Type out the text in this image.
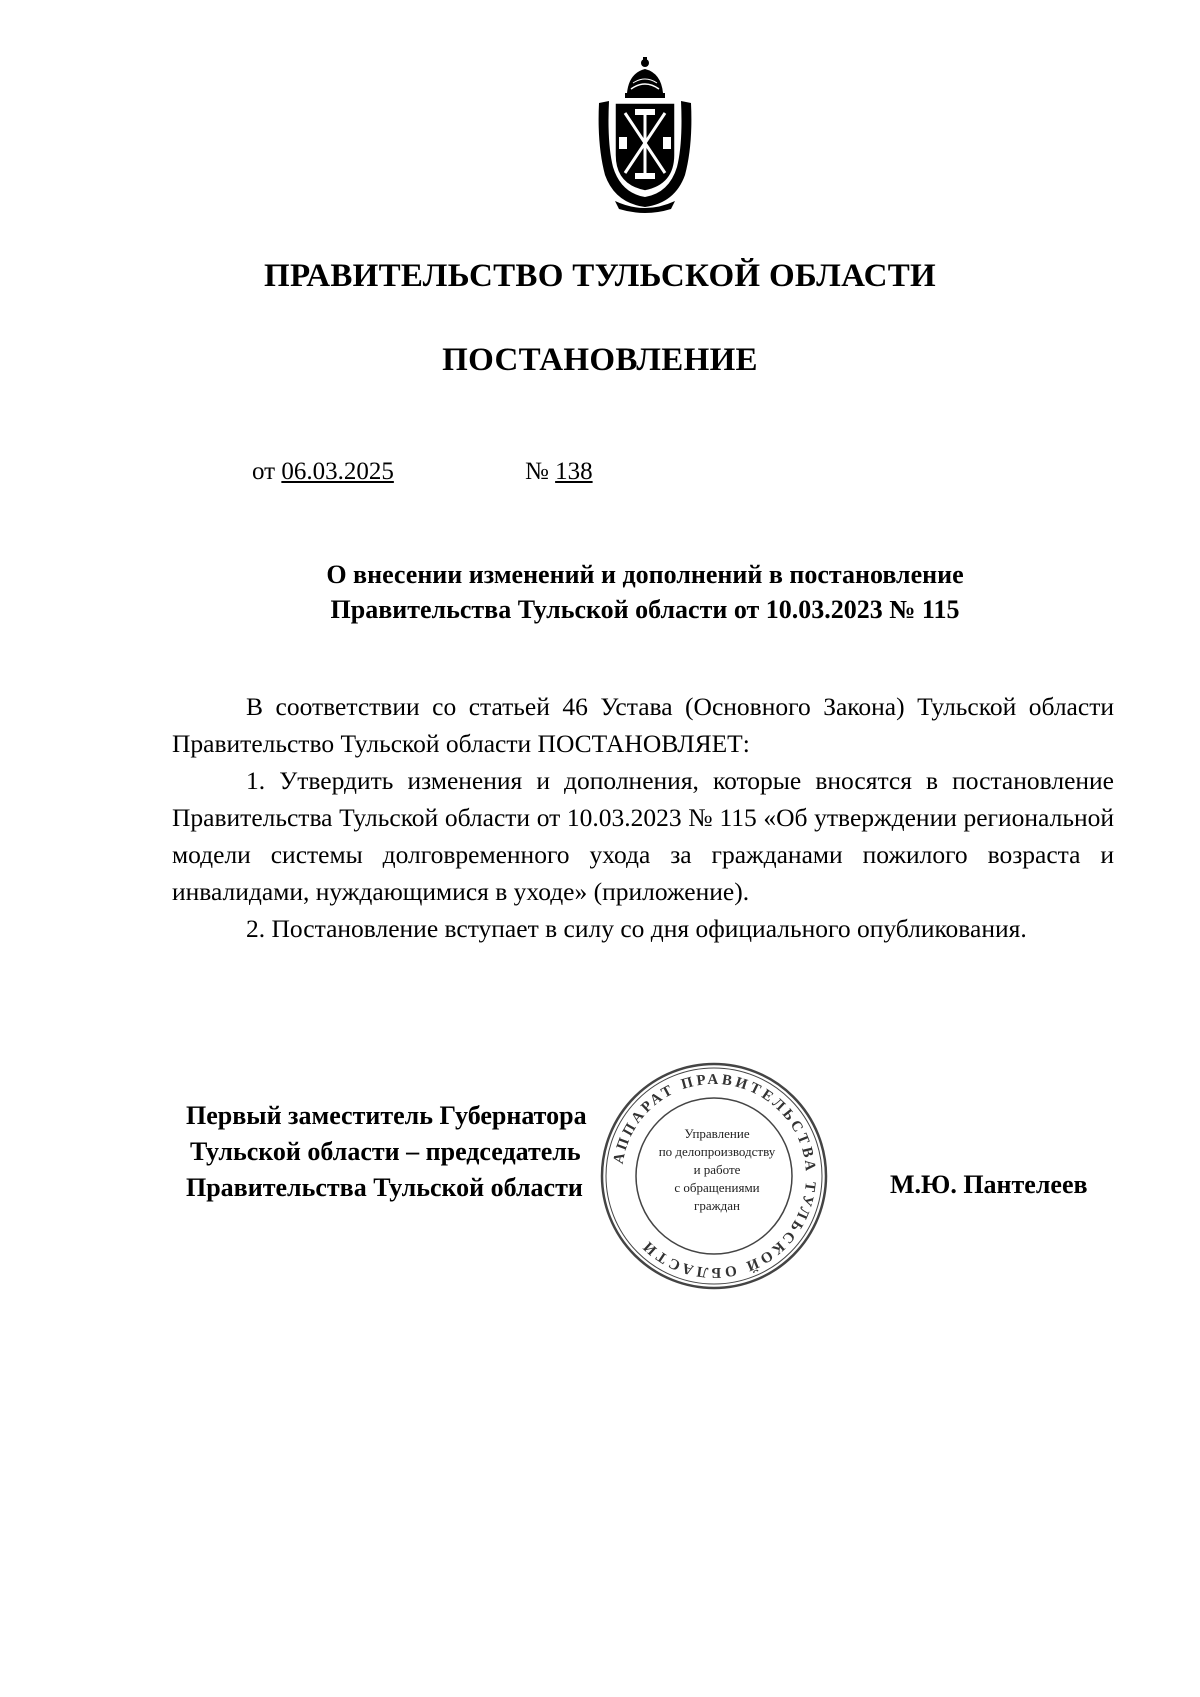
ПРАВИТЕЛЬСТВО ТУЛЬСКОЙ ОБЛАСТИ
ПОСТАНОВЛЕНИЕ
от 06.03.2025	№ 138
О внесении изменений и дополнений в постановление
Правительства Тульской области от 10.03.2023 № 115

В соответствии со статьей 46 Устава (Основного Закона) Тульской области Правительство Тульской области ПОСТАНОВЛЯЕТ:

1. Утвердить изменения и дополнения, которые вносятся в постановление Правительства Тульской области от 10.03.2023 № 115 «Об утверждении региональной модели системы долговременного ухода за гражданами пожилого возраста и инвалидами, нуждающимися в уходе» (приложение).

2. Постановление вступает в силу со дня официального опубликования.

АППАРАТ ПРАВИТЕЛЬСТВА ТУЛЬСКОЙ ОБЛАСТИ
Управление
по делопроизводству
и работе
с обращениями
граждан
Первый заместитель Губернатора
Тульской области – председатель
Правительства Тульской области	М.Ю. Пантелеев
